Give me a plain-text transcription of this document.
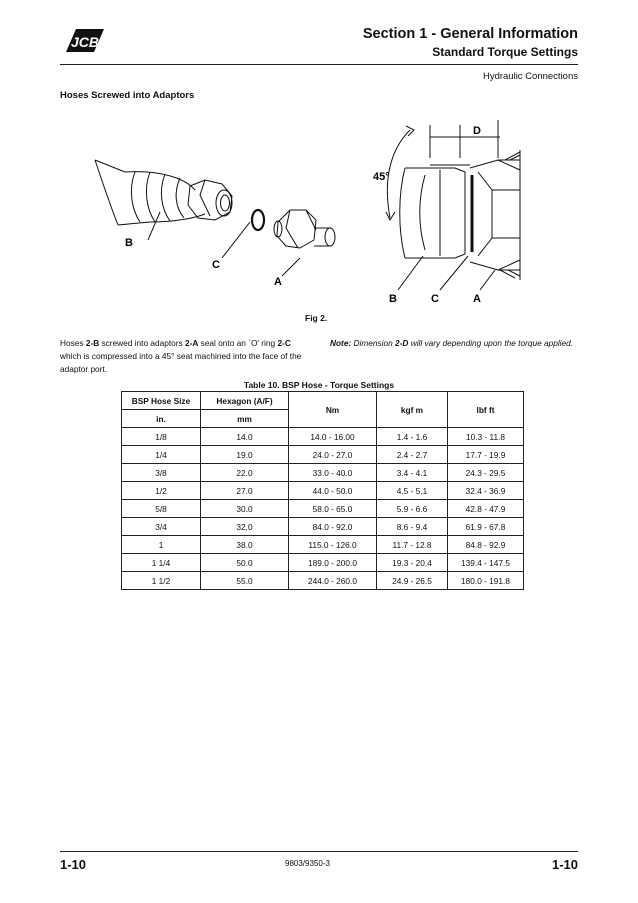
JCB	Section 1 - General Information
Standard Torque Settings
Hydraulic Connections
Hoses Screwed into Adaptors
B
C
A
D
45°
B	C	A
Fig 2.
Hoses 2-B screwed into adaptors 2-A seal onto an `O' ring 2-C which is compressed into a 45° seat machined into the face of the adaptor port.
Note: Dimension 2-D will vary depending upon the torque applied.
Table 10. BSP Hose - Torque Settings
BSP Hose Size	Hexagon (A/F)	Nm	kgf m	lbf ft
in.	mm			
1/8	14.0	14.0 - 16.00	1.4 - 1.6	10.3 - 11.8
1/4	19.0	24.0 - 27.0	2.4 - 2.7	17.7 - 19.9
3/8	22.0	33.0 - 40.0	3.4 - 4.1	24.3 - 29.5
1/2	27.0	44.0 - 50.0	4.5 - 5.1	32.4 - 36.9
5/8	30.0	58.0 - 65.0	5.9 - 6.6	42.8 - 47.9
3/4	32.0	84.0 - 92.0	8.6 - 9.4	61.9 - 67.8
1	38.0	115.0 - 126.0	11.7 - 12.8	84.8 - 92.9
1 1/4	50.0	189.0 - 200.0	19.3 - 20.4	139.4 - 147.5
1 1/2	55.0	244.0 - 260.0	24.9 - 26.5	180.0 - 191.8
1-10	9803/9350-3	1-10
